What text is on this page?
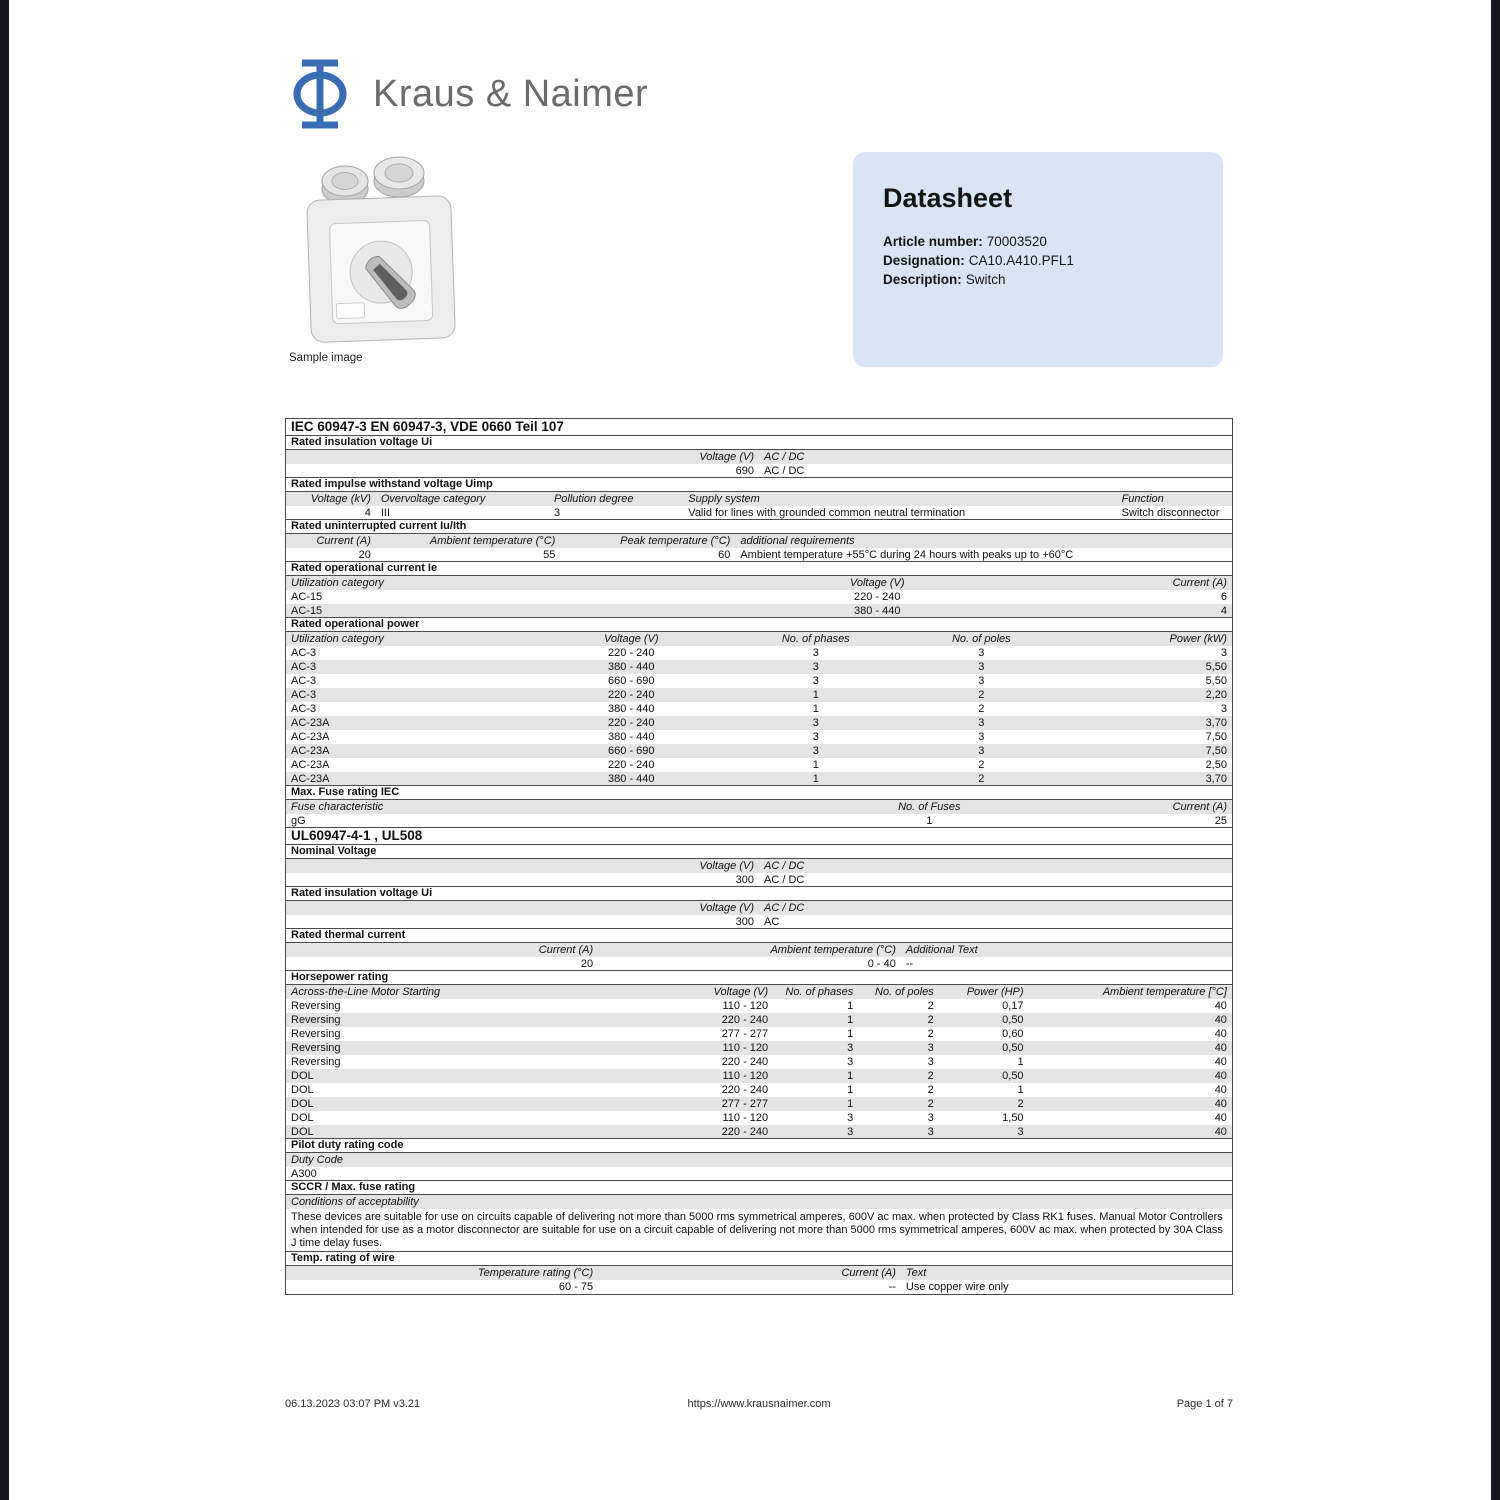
Kraus & Naimer
Sample image
Datasheet
Article number: 70003520
Designation: CA10.A410.PFL1
Description: Switch
IEC 60947-3 EN 60947-3, VDE 0660 Teil 107
Rated insulation voltage Ui
Voltage (V) AC / DC
690 AC / DC
Rated impulse withstand voltage Uimp
Voltage (kV) Overvoltage category	Pollution degree	Supply system	Function
4 III	3	Valid for lines with grounded common neutral termination	Switch disconnector
Rated uninterrupted current Iu/Ith
Current (A)	Ambient temperature (°C)	Peak temperature (°C) additional requirements
20	55	60 Ambient temperature +55°C during 24 hours with peaks up to +60°C
Rated operational current Ie
Utilization category	Voltage (V)	Current (A)
AC-15	220 - 240	6
AC-15	380 - 440	4
Rated operational power
Utilization category	Voltage (V)	No. of phases	No. of poles	Power (kW)
AC-3	220 - 240	3	3	3
AC-3	380 - 440	3	3	5,50
AC-3	660 - 690	3	3	5,50
AC-3	220 - 240	1	2	2,20
AC-3	380 - 440	1	2	3
AC-23A	220 - 240	3	3	3,70
AC-23A	380 - 440	3	3	7,50
AC-23A	660 - 690	3	3	7,50
AC-23A	220 - 240	1	2	2,50
AC-23A	380 - 440	1	2	3,70
Max. Fuse rating IEC
Fuse characteristic	No. of Fuses	Current (A)
gG	1	25
UL60947-4-1 , UL508
Nominal Voltage
Voltage (V) AC / DC
300 AC / DC
Rated insulation voltage Ui
Voltage (V) AC / DC
300 AC
Rated thermal current
Current (A)	Ambient temperature (°C) Additional Text
20	0 - 40 --
Horsepower rating
Across-the-Line Motor Starting	Voltage (V)	No. of phases	No. of poles	Power (HP)	Ambient temperature [°C]
Reversing	110 - 120	1	2	0,17	40
Reversing	220 - 240	1	2	0,50	40
Reversing	277 - 277	1	2	0,60	40
Reversing	110 - 120	3	3	0,50	40
Reversing	220 - 240	3	3	1	40
DOL	110 - 120	1	2	0,50	40
DOL	220 - 240	1	2	1	40
DOL	277 - 277	1	2	2	40
DOL	110 - 120	3	3	1,50	40
DOL	220 - 240	3	3	3	40
Pilot duty rating code
Duty Code
A300
SCCR / Max. fuse rating
Conditions of acceptability
These devices are suitable for use on circuits capable of delivering not more than 5000 rms symmetrical amperes, 600V ac max. when protected by Class RK1 fuses. Manual Motor Controllers when intended for use as a motor disconnector are suitable for use on a circuit capable of delivering not more than 5000 rms symmetrical amperes, 600V ac max. when protected by 30A Class J time delay fuses.
Temp. rating of wire
Temperature rating (°C)	Current (A) Text
60 - 75	-- Use copper wire only
06.13.2023 03:07 PM v3.21	https://www.krausnaimer.com	Page 1 of 7
